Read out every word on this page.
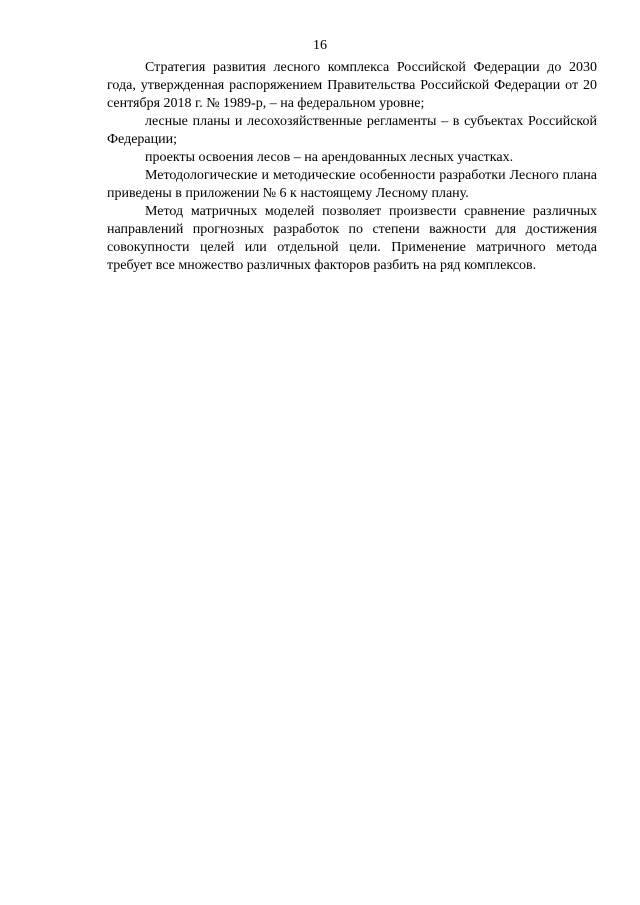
16

Стратегия развития лесного комплекса Российской Федерации до 2030 года, утвержденная распоряжением Правительства Российской Федерации от 20 сентября 2018 г. № 1989-р, – на федеральном уровне;

лесные планы и лесохозяйственные регламенты – в субъектах Российской Федерации;

проекты освоения лесов – на арендованных лесных участках.

Методологические и методические особенности разработки Лесного плана приведены в приложении № 6 к настоящему Лесному плану.

Метод матричных моделей позволяет произвести сравнение различных направлений прогнозных разработок по степени важности для достижения совокупности целей или отдельной цели. Применение матричного метода требует все множество различных факторов разбить на ряд комплексов.
